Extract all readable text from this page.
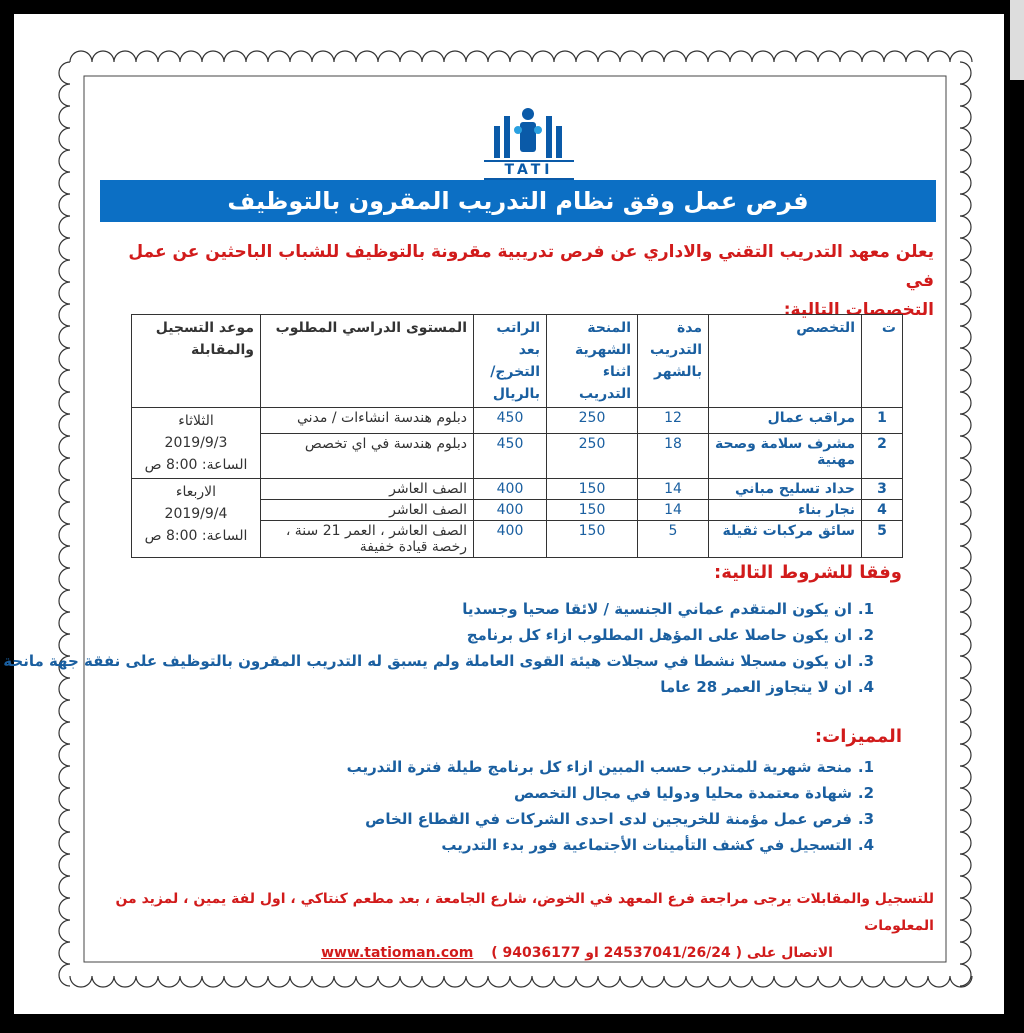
TATI
فرص عمل وفق نظام التدريب المقرون بالتوظيف
يعلن معهد التدريب التقني والاداري عن فرص تدريبية مقرونة بالتوظيف للشباب الباحثين عن عمل في
التخصصات التالية:
ت	التخصص	مدة التدريب بالشهر	المنحة الشهرية اثناء التدريب	الراتب بعد التخرج/ بالريال	المستوى الدراسي المطلوب	موعد التسجيل والمقابلة
1	مراقب عمال	12	250	450	دبلوم هندسة انشاءات / مدني	الثلاثاء
2019/9/3
الساعة: 8:00 ص

2	مشرف سلامة وصحة مهنية	18	250	450	دبلوم هندسة في اي تخصص	
3	حداد تسليح مباني	14	150	400	الصف العاشر	الاربعاء
2019/9/4
الساعة: 8:00 ص

4	نجار بناء	14	150	400	الصف العاشر	
5	سائق مركبات ثقيلة	5	150	400	الصف العاشر ، العمر 21 سنة ، رخصة قيادة خفيفة	
وفقا للشروط التالية:
1.ان يكون المتقدم عماني الجنسية / لائقا صحيا وجسديا
2.ان يكون حاصلا على المؤهل المطلوب ازاء كل برنامج
3.ان يكون مسجلا نشطا في سجلات هيئة القوى العاملة ولم يسبق له التدريب المقرون بالتوظيف على نفقة جهة مانحة
4.ان لا يتجاوز العمر 28 عاما
المميزات:
1.منحة شهرية للمتدرب حسب المبين ازاء كل برنامج طيلة فترة التدريب
2.شهادة معتمدة محليا ودوليا في مجال التخصص
3.فرص عمل مؤمنة للخريجين لدى احدى الشركات في القطاع الخاص
4.التسجيل في كشف التأمينات الأجتماعية فور بدء التدريب
للتسجيل والمقابلات يرجى مراجعة فرع المعهد في الخوض، شارع الجامعة ، بعد مطعم كنتاكي ، اول لفة يمين ، لمزيد من المعلومات
الاتصال على ( 24537041/26/24 او 94036177 )    www.tatioman.com
